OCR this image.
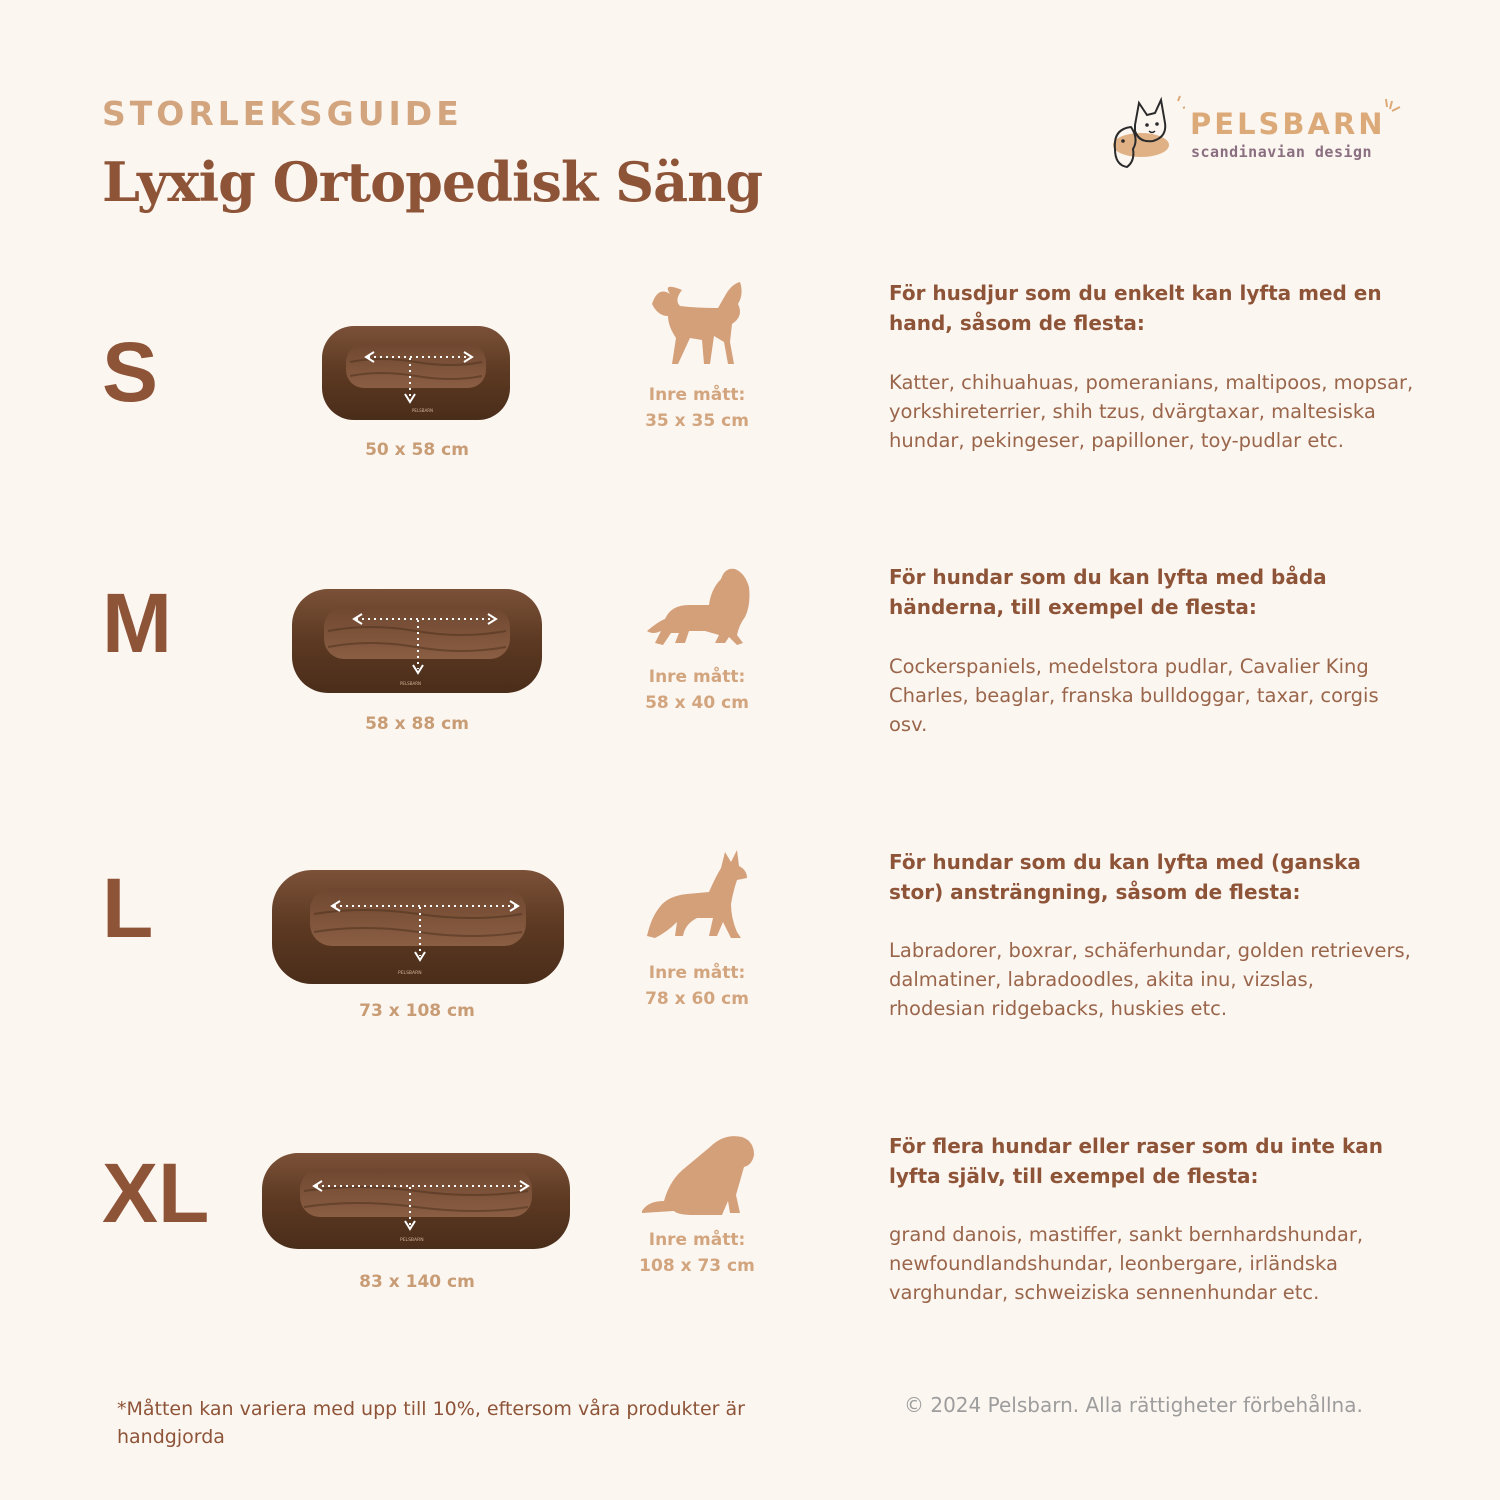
STORLEKSGUIDE
Lyxig Ortopedisk Säng
PELSBARN
scandinavian design
S	PELSBARN
50 x 58 cm
Inre mått:
35 x 35 cm
För husdjur som du enkelt kan lyfta med en hand, såsom de flesta:
Katter, chihuahuas, pomeranians, maltipoos, mopsar, yorkshireterrier, shih tzus, dvärgtaxar, maltesiska hundar, pekingeser, papilloner, toy-pudlar etc.
M
PELSBARN
58 x 88 cm
Inre mått:
58 x 40 cm
För hundar som du kan lyfta med båda händerna, till exempel de flesta:
Cockerspaniels, medelstora pudlar, Cavalier King Charles, beaglar, franska bulldoggar, taxar, corgis osv.
L
PELSBARN
73 x 108 cm
Inre mått:
78 x 60 cm
För hundar som du kan lyfta med (ganska stor) ansträngning, såsom de flesta:
Labradorer, boxrar, schäferhundar, golden retrievers, dalmatiner, labradoodles, akita inu, vizslas, rhodesian ridgebacks, huskies etc.
XL
PELSBARN
83 x 140 cm
Inre mått:
108 x 73 cm
För flera hundar eller raser som du inte kan lyfta själv, till exempel de flesta:
grand danois, mastiffer, sankt bernhardshundar, newfoundlandshundar, leonbergare, irländska varghundar, schweiziska sennenhundar etc.
*Måtten kan variera med upp till 10%, eftersom våra produkter är handgjorda
© 2024 Pelsbarn. Alla rättigheter förbehållna.
